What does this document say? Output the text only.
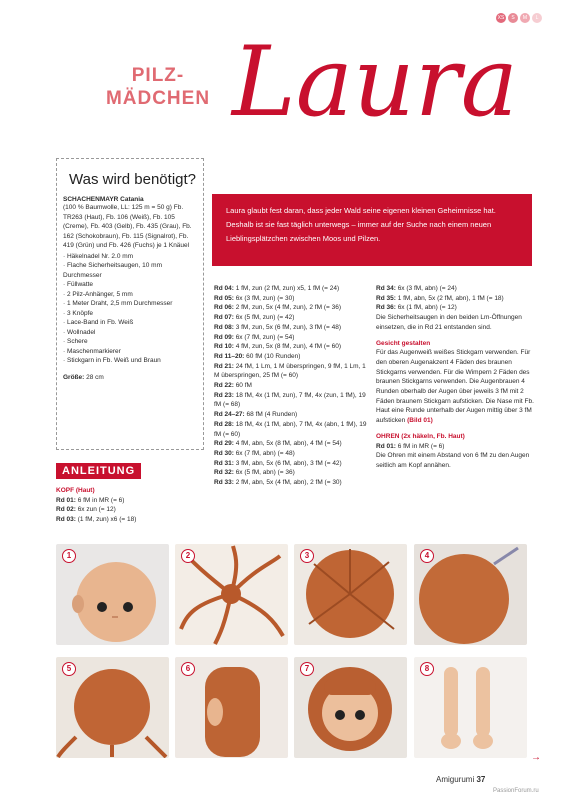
XS	S	M	L
PILZ-
MÄDCHEN Laura
Was wird benötigt?
SCHACHENMAYR Catania

(100 % Baumwolle, LL: 125 m = 50 g) Fb. TR263 (Haut), Fb. 106 (Weiß), Fb. 105 (Creme), Fb. 403 (Gelb), Fb. 435 (Grau), Fb. 162 (Schokobraun), Fb. 115 (Signalrot), Fb. 419 (Grün) und Fb. 426 (Fuchs) je 1 Knäuel

· Häkelnadel Nr. 2.0 mm
· Flache Sicherheitsaugen, 10 mm Durchmesser
· Füllwatte
· 2 Pilz-Anhänger, 5 mm
· 1 Meter Draht, 2,5 mm Durchmesser
· 3 Knöpfe
· Lace-Band in Fb. Weiß
· Wollnadel
· Schere
· Maschenmarkierer
· Stickgarn in Fb. Weiß und Braun
Größe: 28 cm
Laura glaubt fest daran, dass jeder Wald seine eigenen kleinen Geheimnisse hat. Deshalb ist sie fast täglich unterwegs – immer auf der Suche nach einem neuen Lieblingsplätzchen zwischen Moos und Pilzen.
ANLEITUNG
KOPF (Haut)
Rd 01: 6 fM in MR (= 6)
Rd 02: 6x zun (= 12)
Rd 03: (1 fM, zun) x6 (= 18)
Rd 04: 1 fM, zun (2 fM, zun) x5, 1 fM (= 24)
Rd 05: 6x (3 fM, zun) (= 30)
Rd 06: 2 fM, zun, 5x (4 fM, zun), 2 fM (= 36)
Rd 07: 6x (5 fM, zun) (= 42)
Rd 08: 3 fM, zun, 5x (6 fM, zun), 3 fM (= 48)
Rd 09: 6x (7 fM, zun) (= 54)
Rd 10: 4 fM, zun, 5x (8 fM, zun), 4 fM (= 60)
Rd 11–20: 60 fM (10 Runden)
Rd 21: 24 fM, 1 Lm, 1 M überspringen, 9 fM, 1 Lm, 1 M überspringen, 25 fM (= 60)
Rd 22: 60 fM
Rd 23: 18 fM, 4x (1 fM, zun), 7 fM, 4x (zun, 1 fM), 19 fM (= 68)
Rd 24–27: 68 fM (4 Runden)
Rd 28: 18 fM, 4x (1 fM, abn), 7 fM, 4x (abn, 1 fM), 19 fM (= 60)
Rd 29: 4 fM, abn, 5x (8 fM, abn), 4 fM (= 54)
Rd 30: 6x (7 fM, abn) (= 48)
Rd 31: 3 fM, abn, 5x (6 fM, abn), 3 fM (= 42)
Rd 32: 6x (5 fM, abn) (= 36)
Rd 33: 2 fM, abn, 5x (4 fM, abn), 2 fM (= 30)
Rd 34: 6x (3 fM, abn) (= 24)
Rd 35: 1 fM, abn, 5x (2 fM, abn), 1 fM (= 18)
Rd 36: 6x (1 fM, abn) (= 12)
Die Sicherheitsaugen in den beiden Lm-Öffnungen einsetzen, die in Rd 21 entstanden sind.
Gesicht gestalten
Für das Augenweiß weißes Stickgarn verwenden. Für den oberen Augenakzent 4 Fäden des braunen Stickgarns verwenden. Für die Wimpern 2 Fäden des braunen Stickgarns verwenden. Die Augenbrauen 4 Runden oberhalb der Augen über jeweils 3 fM mit 2 Fäden braunem Stickgarn aufsticken. Die Nase mit Fb. Haut eine Runde unterhalb der Augen mittig über 3 fM aufsticken (Bild 01)
OHREN (2x häkeln, Fb. Haut)
Rd 01: 6 fM in MR (= 6)
Die Ohren mit einem Abstand von 6 fM zu den Augen seitlich am Kopf annähen.
1	2	3	4
5	6	7	8
→
Amigurumi 37
PassionForum.ru
